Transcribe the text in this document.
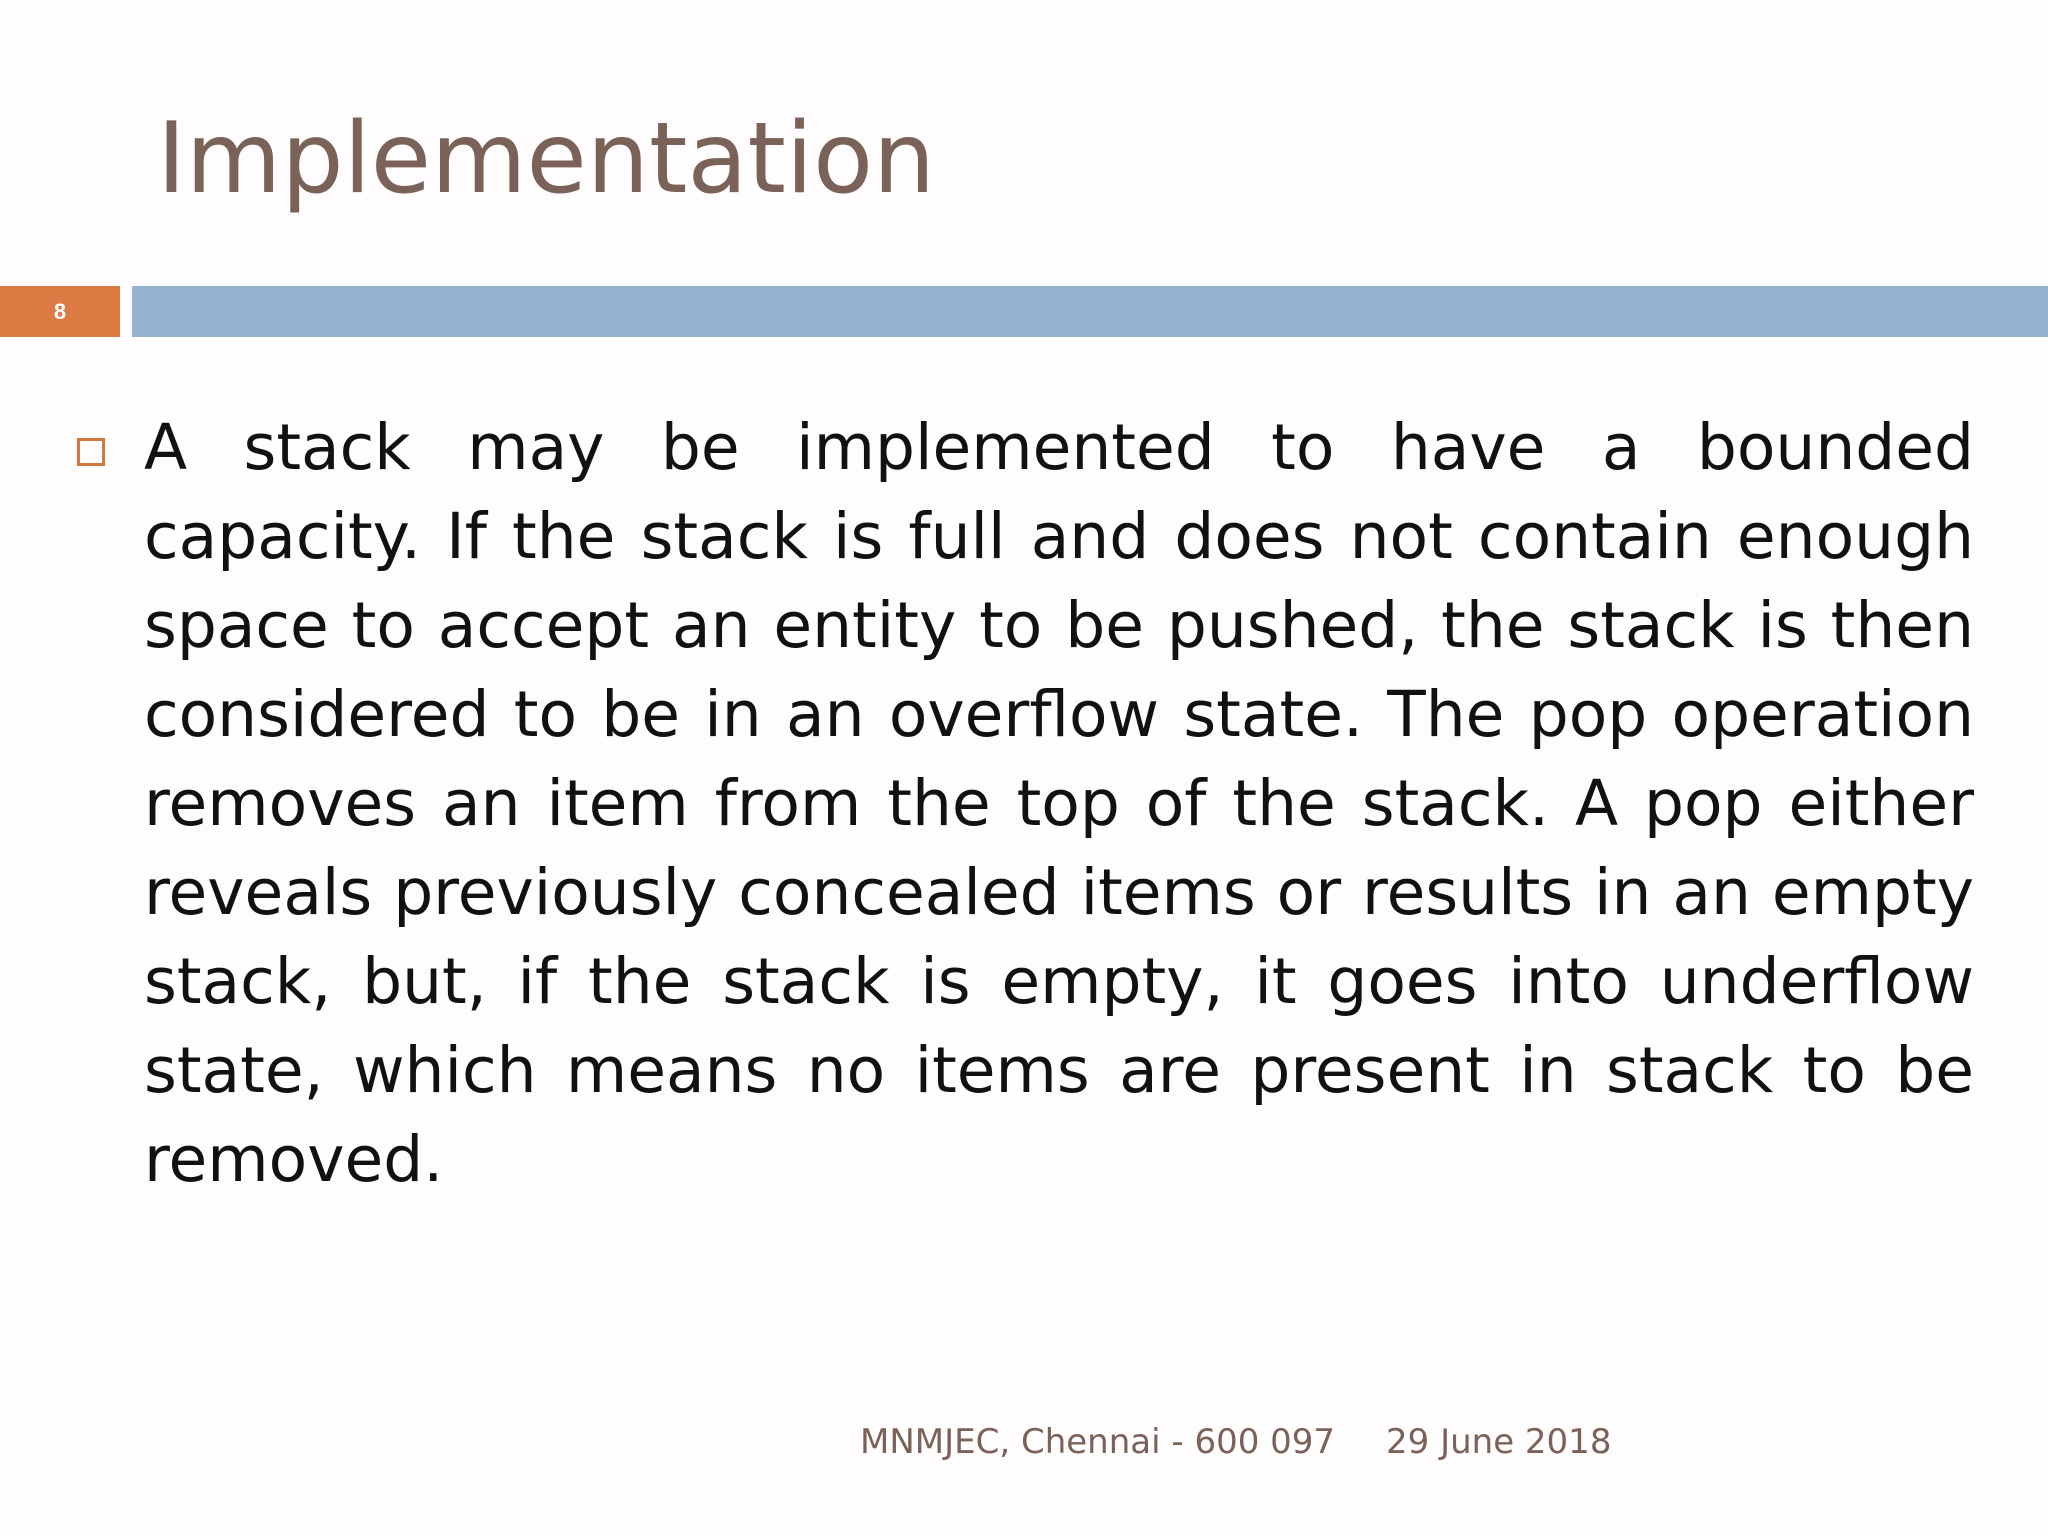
Implementation
8

A stack may be implemented to have a bounded capacity. If the stack is full and does not contain enough space to accept an entity to be pushed, the stack is then considered to be in an overflow state. The pop operation removes an item from the top of the stack. A pop either reveals previously concealed items or results in an empty stack, but, if the stack is empty, it goes into underflow state, which means no items are present in stack to be removed.

MNMJEC, Chennai - 600 097 29 June 2018
